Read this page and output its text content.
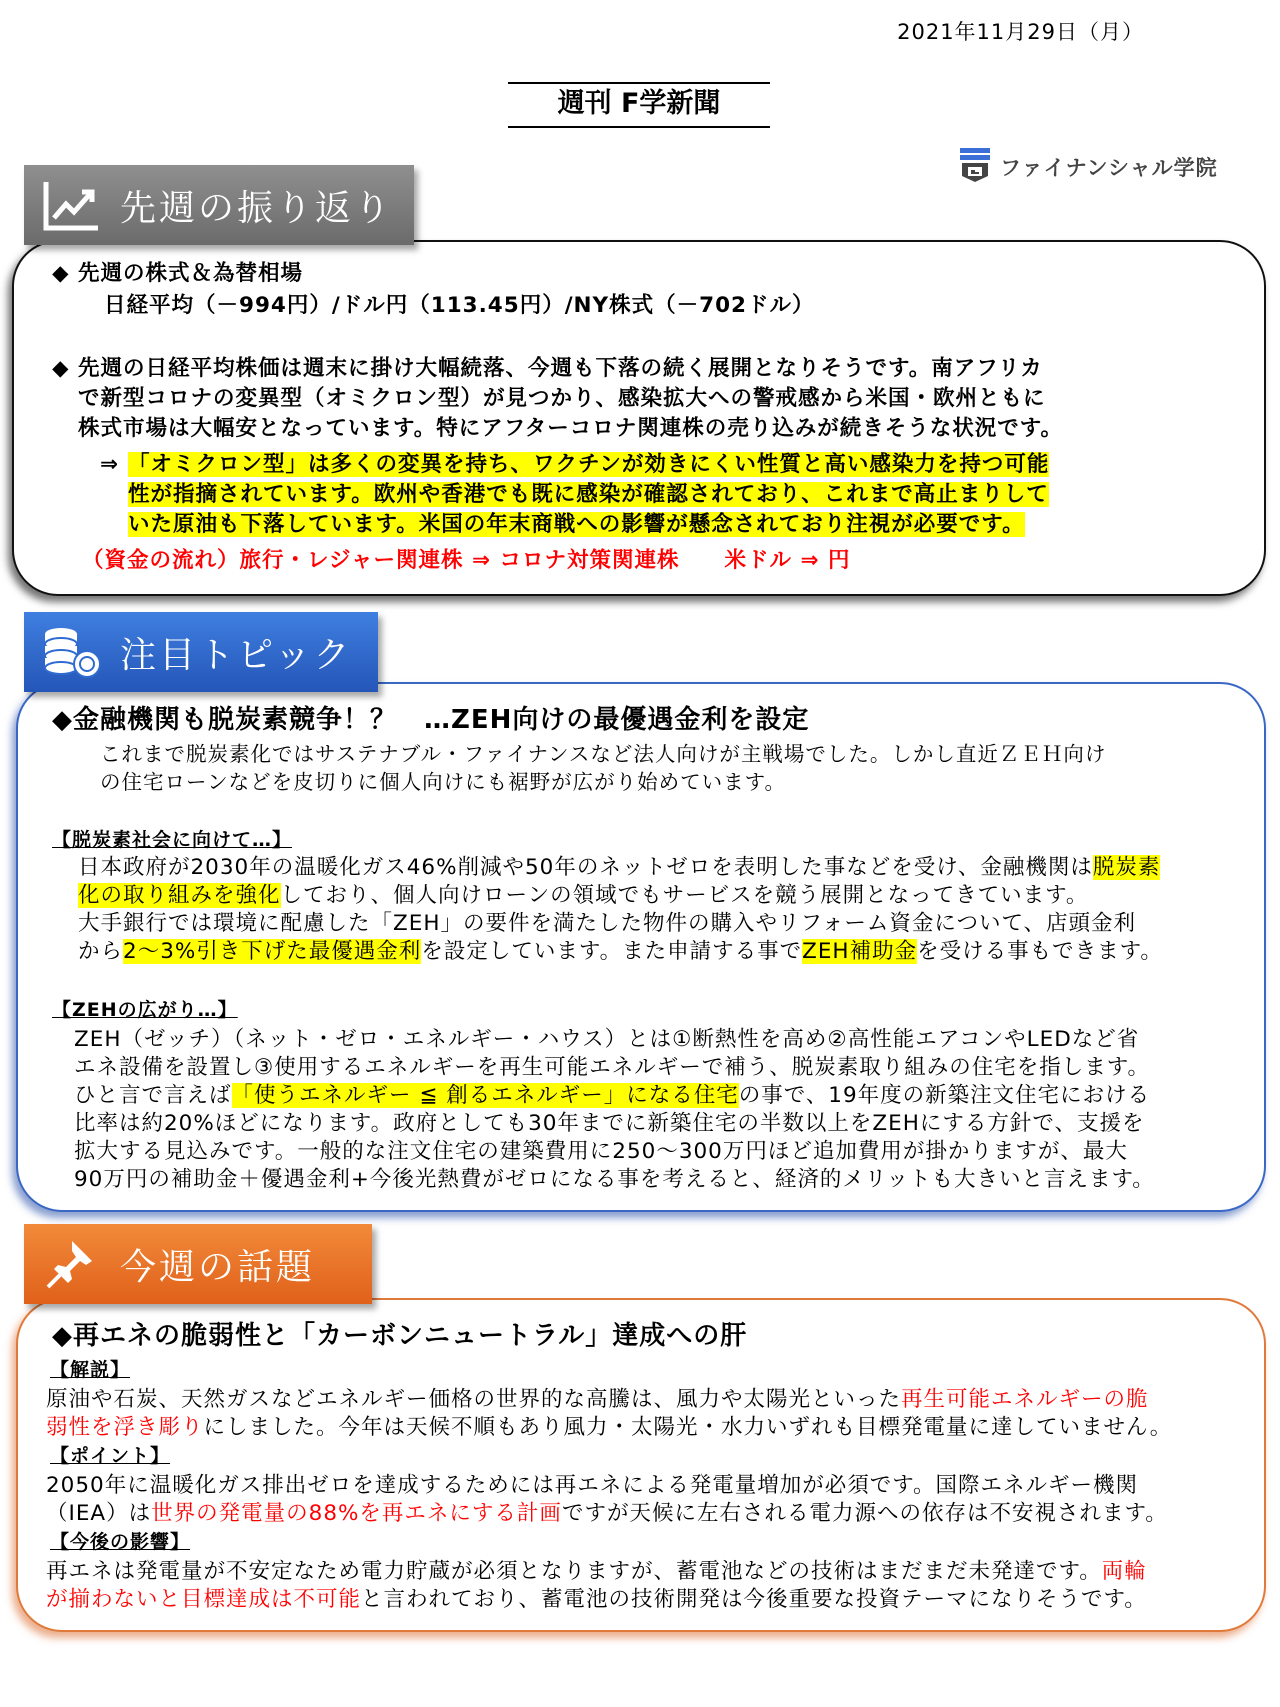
2021年11月29日（月）
週刊 F学新聞
ファイナンシャル学院
先週の振り返り
◆ 先週の株式＆為替相場
日経平均（－994円）/ドル円（113.45円）/NY株式（－702ドル）
◆ 先週の日経平均株価は週末に掛け大幅続落、今週も下落の続く展開となりそうです。南アフリカ
で新型コロナの変異型（オミクロン型）が見つかり、感染拡大への警戒感から米国・欧州ともに
株式市場は大幅安となっています。特にアフターコロナ関連株の売り込みが続きそうな状況です。
⇒ 「オミクロン型」は多くの変異を持ち、ワクチンが効きにくい性質と高い感染力を持つ可能
性が指摘されています。欧州や香港でも既に感染が確認されており、これまで高止まりして
いた原油も下落しています。米国の年末商戦への影響が懸念されており注視が必要です。
（資金の流れ）旅行・レジャー関連株 ⇒ コロナ対策関連株　　米ドル ⇒ 円
注目トピック
◆金融機関も脱炭素競争！？　…ZEH向けの最優遇金利を設定
これまで脱炭素化ではサステナブル・ファイナンスなど法人向けが主戦場でした。しかし直近ＺＥＨ向け
の住宅ローンなどを皮切りに個人向けにも裾野が広がり始めています。
【脱炭素社会に向けて…】
日本政府が2030年の温暖化ガス46%削減や50年のネットゼロを表明した事などを受け、金融機関は脱炭素
化の取り組みを強化しており、個人向けローンの領域でもサービスを競う展開となってきています。
大手銀行では環境に配慮した「ZEH」の要件を満たした物件の購入やリフォーム資金について、店頭金利
から2～3%引き下げた最優遇金利を設定しています。また申請する事でZEH補助金を受ける事もできます。
【ZEHの広がり…】
ZEH（ゼッチ）（ネット・ゼロ・エネルギー・ハウス）とは①断熱性を高め②高性能エアコンやLEDなど省
エネ設備を設置し③使用するエネルギーを再生可能エネルギーで補う、脱炭素取り組みの住宅を指します。
ひと言で言えば「使うエネルギー ≦ 創るエネルギー」になる住宅の事で、19年度の新築注文住宅における
比率は約20%ほどになります。政府としても30年までに新築住宅の半数以上をZEHにする方針で、支援を
拡大する見込みです。一般的な注文住宅の建築費用に250～300万円ほど追加費用が掛かりますが、最大
90万円の補助金＋優遇金利+今後光熱費がゼロになる事を考えると、経済的メリットも大きいと言えます。
今週の話題
◆再エネの脆弱性と「カーボンニュートラル」達成への肝
【解説】
原油や石炭、天然ガスなどエネルギー価格の世界的な高騰は、風力や太陽光といった再生可能エネルギーの脆
弱性を浮き彫りにしました。今年は天候不順もあり風力・太陽光・水力いずれも目標発電量に達していません。
【ポイント】
2050年に温暖化ガス排出ゼロを達成するためには再エネによる発電量増加が必須です。国際エネルギー機関
（IEA）は世界の発電量の88%を再エネにする計画ですが天候に左右される電力源への依存は不安視されます。
【今後の影響】
再エネは発電量が不安定なため電力貯蔵が必須となりますが、蓄電池などの技術はまだまだ未発達です。両輪
が揃わないと目標達成は不可能と言われており、蓄電池の技術開発は今後重要な投資テーマになりそうです。
